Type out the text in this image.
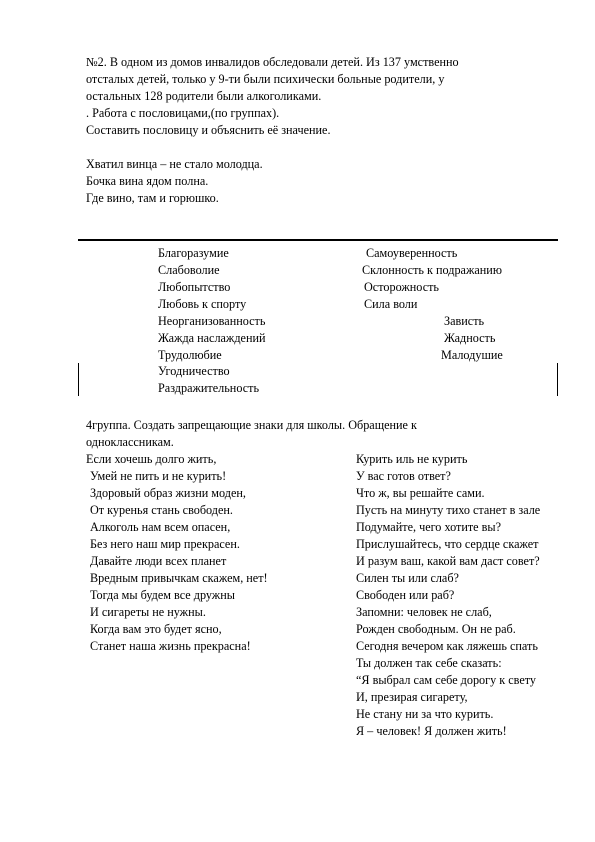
№2. В одном из домов инвалидов обследовали детей. Из 137 умственно
отсталых детей, только у 9-ти были психически больные родители, у
остальных 128 родители были алкоголиками.
. Работа с пословицами,(по группах).
Составить пословицу и объяснить её значение.
Хватил винца – не стало молодца.
Бочка вина ядом полна.
Где вино, там и горюшко.
Благоразумие
Слабоволие
Любопытство
Любовь к спорту
Неорганизованность
Жажда наслаждений
Трудолюбие
Угодничество
Раздражительность
Самоуверенность
Склонность к подражанию
Осторожность
Сила воли
Зависть
Жадность
Малодушие
4группа. Создать запрещающие знаки для школы. Обращение к
одноклассникам.
Если хочешь долго жить,
Умей не пить и не курить!
Здоровый образ жизни моден,
От куренья стань свободен.
Алкоголь нам всем опасен,
Без него наш мир прекрасен.
Давайте люди всех планет
Вредным привычкам скажем, нет!
Тогда мы будем все дружны
И сигареты не нужны.
Когда вам это будет ясно,
Станет наша жизнь прекрасна!
Курить иль не курить
У вас готов ответ?
Что ж, вы решайте сами.
Пусть на минуту тихо станет в зале
Подумайте, чего хотите вы?
Прислушайтесь, что сердце скажет
И разум ваш, какой вам даст совет?
Силен ты или слаб?
Свободен или раб?
Запомни: человек не слаб,
Рожден свободным. Он не раб.
Сегодня вечером как ляжешь спать
Ты должен так себе сказать:
“Я выбрал сам себе дорогу к свету
И, презирая сигарету,
Не стану ни за что курить.
Я – человек! Я должен жить!
